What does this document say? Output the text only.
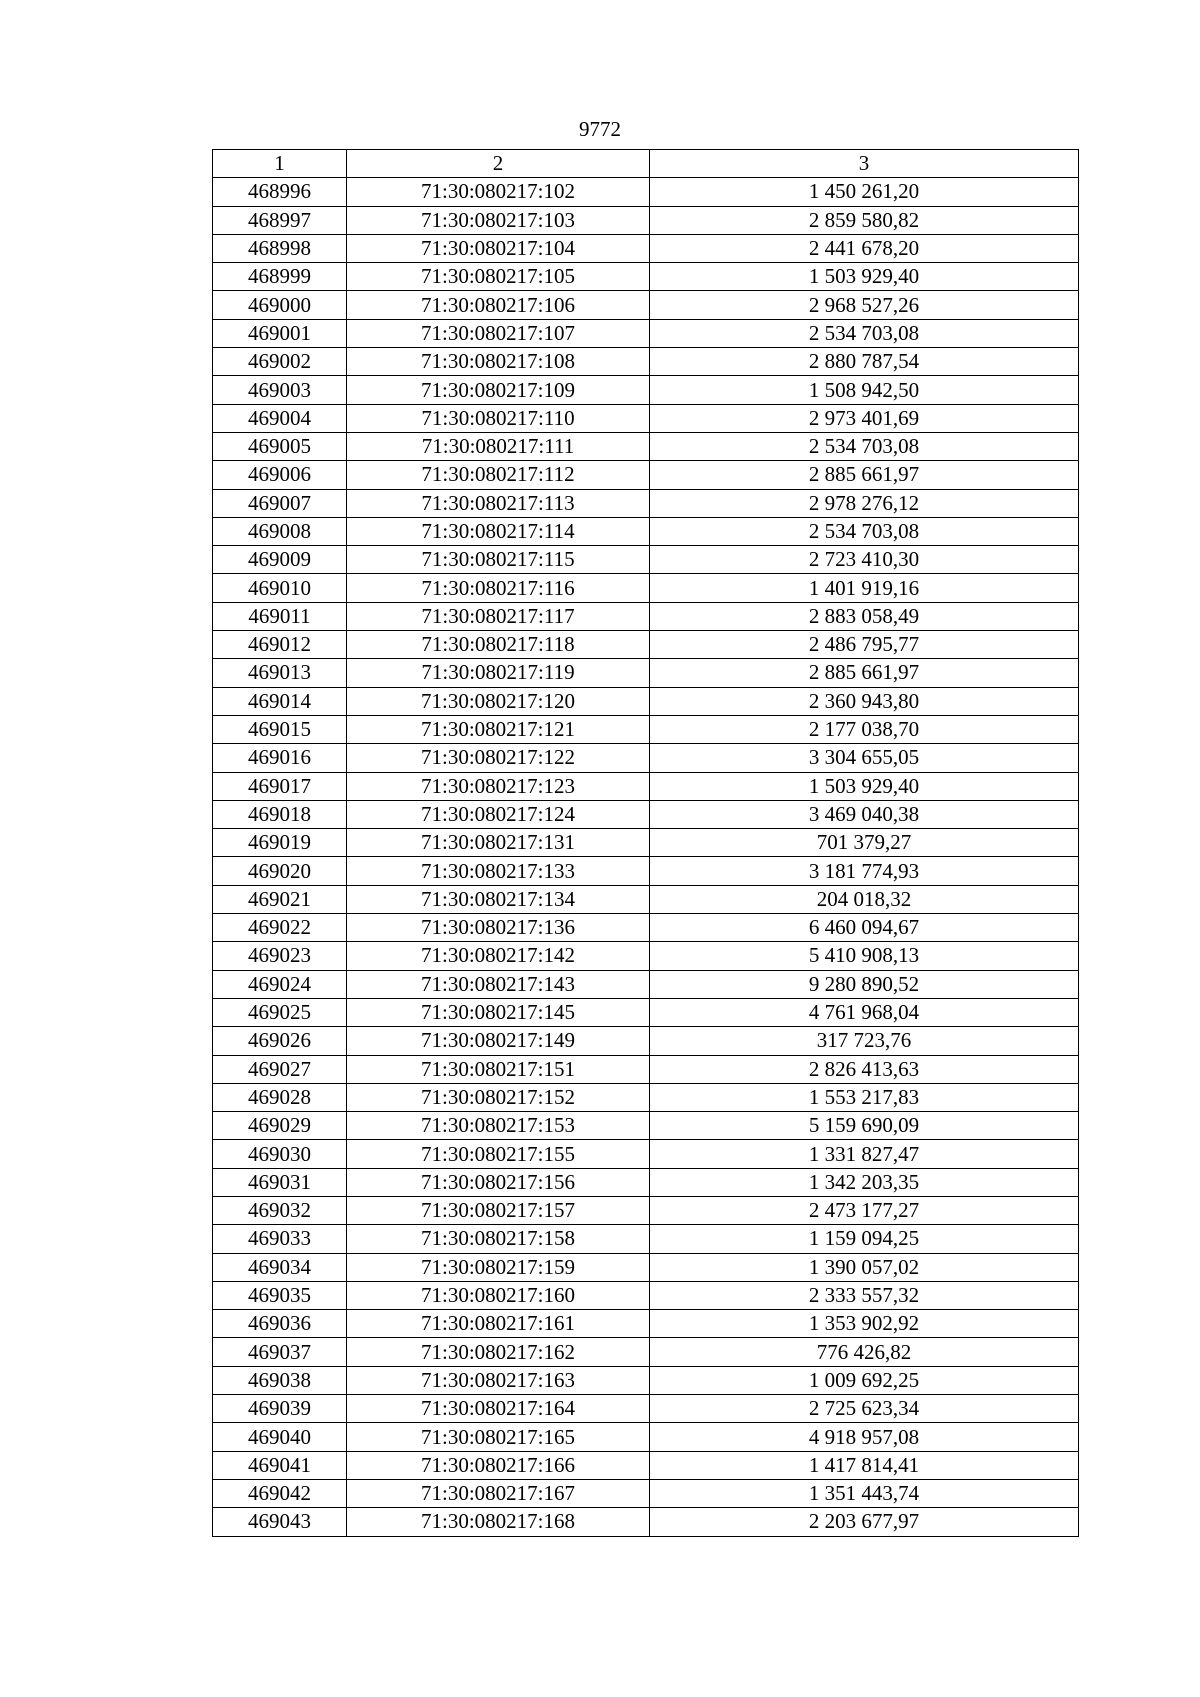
9772
1	2	3
468996	71:30:080217:102	1 450 261,20
468997	71:30:080217:103	2 859 580,82
468998	71:30:080217:104	2 441 678,20
468999	71:30:080217:105	1 503 929,40
469000	71:30:080217:106	2 968 527,26
469001	71:30:080217:107	2 534 703,08
469002	71:30:080217:108	2 880 787,54
469003	71:30:080217:109	1 508 942,50
469004	71:30:080217:110	2 973 401,69
469005	71:30:080217:111	2 534 703,08
469006	71:30:080217:112	2 885 661,97
469007	71:30:080217:113	2 978 276,12
469008	71:30:080217:114	2 534 703,08
469009	71:30:080217:115	2 723 410,30
469010	71:30:080217:116	1 401 919,16
469011	71:30:080217:117	2 883 058,49
469012	71:30:080217:118	2 486 795,77
469013	71:30:080217:119	2 885 661,97
469014	71:30:080217:120	2 360 943,80
469015	71:30:080217:121	2 177 038,70
469016	71:30:080217:122	3 304 655,05
469017	71:30:080217:123	1 503 929,40
469018	71:30:080217:124	3 469 040,38
469019	71:30:080217:131	701 379,27
469020	71:30:080217:133	3 181 774,93
469021	71:30:080217:134	204 018,32
469022	71:30:080217:136	6 460 094,67
469023	71:30:080217:142	5 410 908,13
469024	71:30:080217:143	9 280 890,52
469025	71:30:080217:145	4 761 968,04
469026	71:30:080217:149	317 723,76
469027	71:30:080217:151	2 826 413,63
469028	71:30:080217:152	1 553 217,83
469029	71:30:080217:153	5 159 690,09
469030	71:30:080217:155	1 331 827,47
469031	71:30:080217:156	1 342 203,35
469032	71:30:080217:157	2 473 177,27
469033	71:30:080217:158	1 159 094,25
469034	71:30:080217:159	1 390 057,02
469035	71:30:080217:160	2 333 557,32
469036	71:30:080217:161	1 353 902,92
469037	71:30:080217:162	776 426,82
469038	71:30:080217:163	1 009 692,25
469039	71:30:080217:164	2 725 623,34
469040	71:30:080217:165	4 918 957,08
469041	71:30:080217:166	1 417 814,41
469042	71:30:080217:167	1 351 443,74
469043	71:30:080217:168	2 203 677,97
